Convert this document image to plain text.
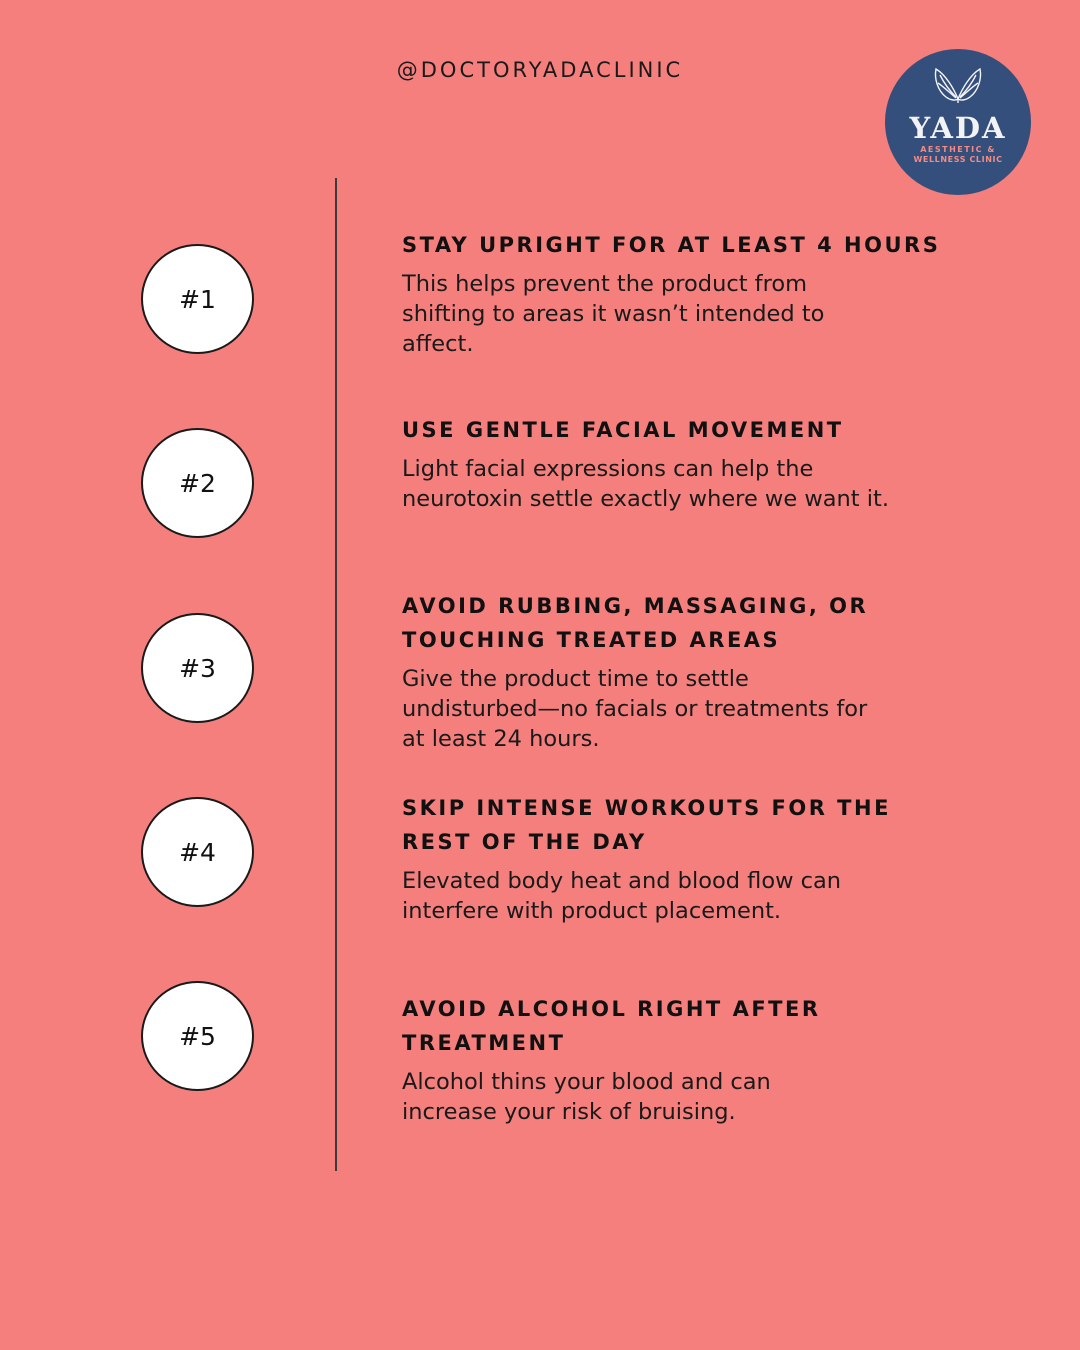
@DOCTORYADACLINIC
YADA
AESTHETIC &
WELLNESS CLINIC
#1
STAY UPRIGHT FOR AT LEAST 4 HOURS
This helps prevent the product from
shifting to areas it wasn’t intended to
affect.
#2
USE GENTLE FACIAL MOVEMENT
Light facial expressions can help the
neurotoxin settle exactly where we want it.
#3
AVOID RUBBING, MASSAGING, OR
TOUCHING TREATED AREAS
Give the product time to settle
undisturbed—no facials or treatments for
at least 24 hours.
#4
SKIP INTENSE WORKOUTS FOR THE
REST OF THE DAY
Elevated body heat and blood flow can
interfere with product placement.
#5
AVOID ALCOHOL RIGHT AFTER
TREATMENT
Alcohol thins your blood and can
increase your risk of bruising.
